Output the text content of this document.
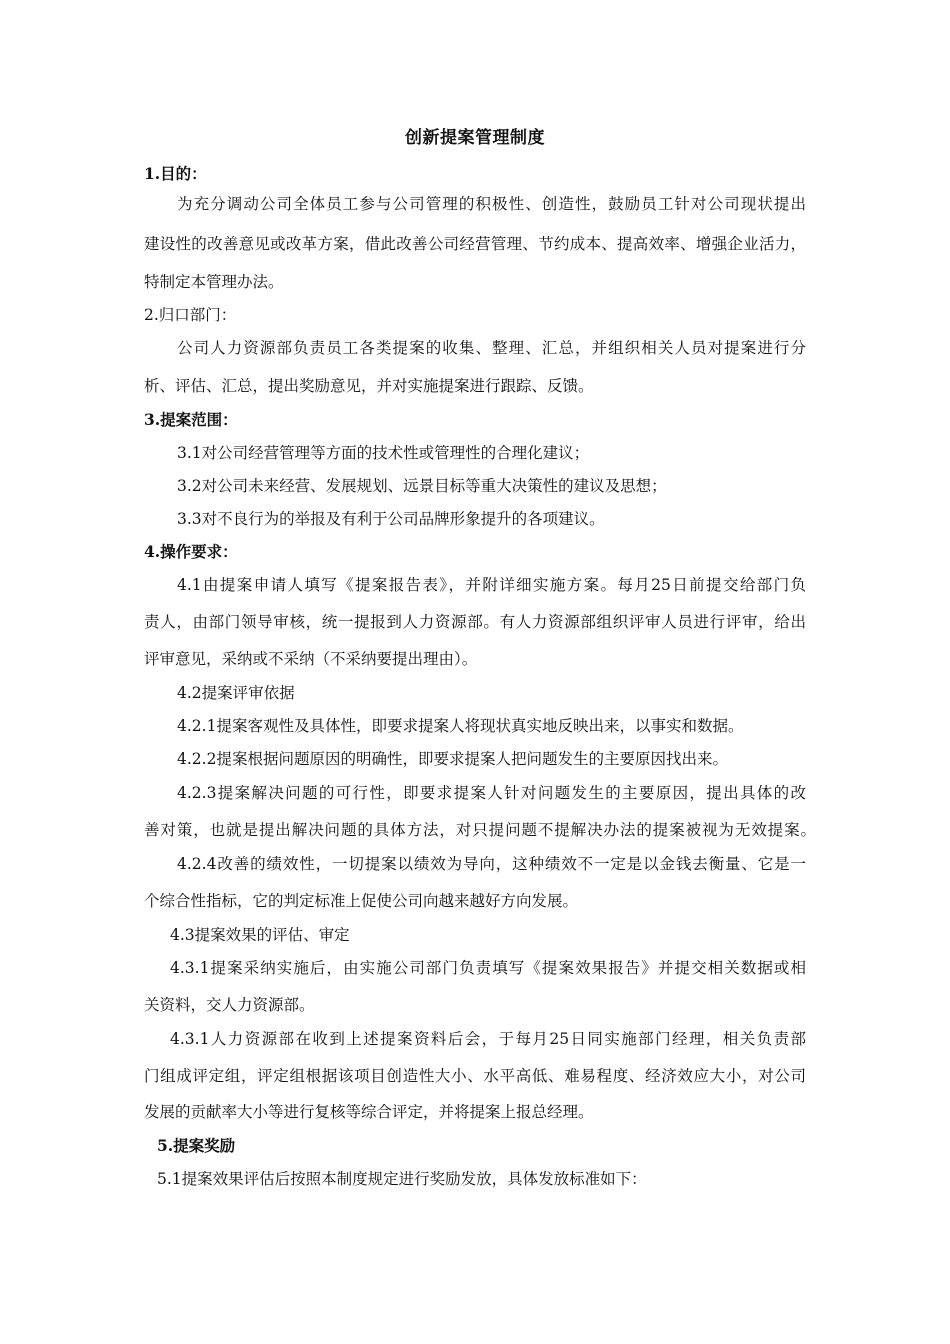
创新提案管理制度
1.目的：
为充分调动公司全体员工参与公司管理的积极性、创造性，鼓励员工针对公司现状提出
建设性的改善意见或改革方案，借此改善公司经营管理、节约成本、提高效率、增强企业活力，
特制定本管理办法。
2.归口部门：
公司人力资源部负责员工各类提案的收集、整理、汇总，并组织相关人员对提案进行分
析、评估、汇总，提出奖励意见，并对实施提案进行跟踪、反馈。
3.提案范围：
3.1对公司经营管理等方面的技术性或管理性的合理化建议；
3.2对公司未来经营、发展规划、远景目标等重大决策性的建议及思想；
3.3对不良行为的举报及有利于公司品牌形象提升的各项建议。
4.操作要求：
4.1由提案申请人填写《提案报告表》，并附详细实施方案。每月25日前提交给部门负
责人，由部门领导审核，统一提报到人力资源部。有人力资源部组织评审人员进行评审，给出
评审意见，采纳或不采纳（不采纳要提出理由）。
4.2提案评审依据
4.2.1提案客观性及具体性，即要求提案人将现状真实地反映出来，以事实和数据。
4.2.2提案根据问题原因的明确性，即要求提案人把问题发生的主要原因找出来。
4.2.3提案解决问题的可行性，即要求提案人针对问题发生的主要原因，提出具体的改
善对策，也就是提出解决问题的具体方法，对只提问题不提解决办法的提案被视为无效提案。
4.2.4改善的绩效性，一切提案以绩效为导向，这种绩效不一定是以金钱去衡量、它是一
个综合性指标，它的判定标准上促使公司向越来越好方向发展。
4.3提案效果的评估、审定
4.3.1提案采纳实施后，由实施公司部门负责填写《提案效果报告》并提交相关数据或相
关资料，交人力资源部。
4.3.1人力资源部在收到上述提案资料后会，于每月25日同实施部门经理，相关负责部
门组成评定组，评定组根据该项目创造性大小、水平高低、难易程度、经济效应大小，对公司
发展的贡献率大小等进行复核等综合评定，并将提案上报总经理。
5.提案奖励
5.1提案效果评估后按照本制度规定进行奖励发放，具体发放标准如下：
